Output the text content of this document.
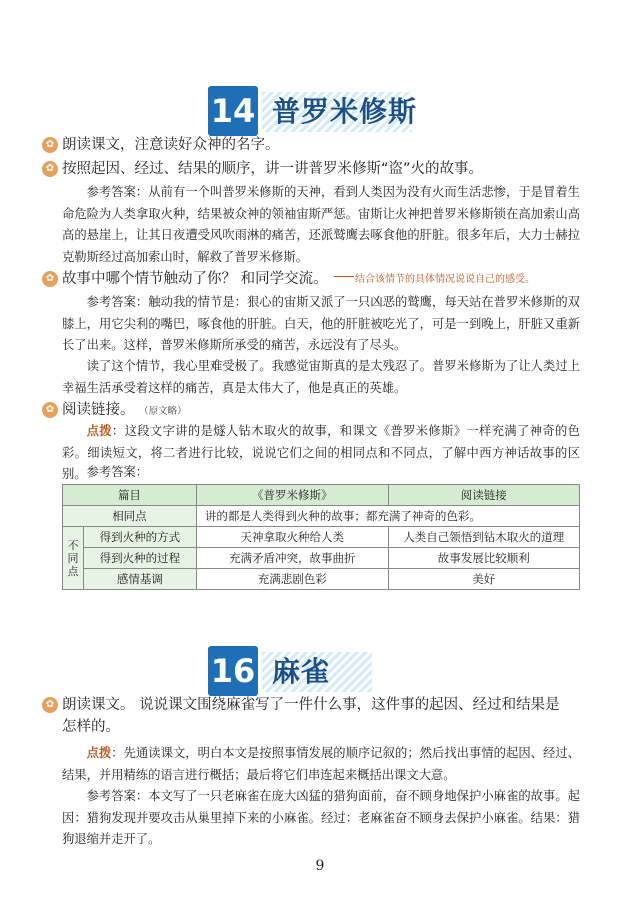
14 普罗米修斯
✿ 朗读课文，注意读好众神的名字。
✿ 按照起因、经过、结果的顺序，讲一讲普罗米修斯“盗”火的故事。
参考答案：从前有一个叫普罗米修斯的天神，看到人类因为没有火而生活悲惨，于是冒着生命危险为人类拿取火种，结果被众神的领袖宙斯严惩。宙斯让火神把普罗米修斯锁在高加索山高高的悬崖上，让其日夜遭受风吹雨淋的痛苦，还派鹫鹰去啄食他的肝脏。很多年后，大力士赫拉克勒斯经过高加索山时，解救了普罗米修斯。
✿ 故事中哪个情节触动了你？ 和同学交流。	结合该情节的具体情况说说自己的感受。
参考答案：触动我的情节是：狠心的宙斯又派了一只凶恶的鹫鹰，每天站在普罗米修斯的双膝上，用它尖利的嘴巴，啄食他的肝脏。白天，他的肝脏被吃光了，可是一到晚上，肝脏又重新长了出来。这样，普罗米修斯所承受的痛苦，永远没有了尽头。
读了这个情节，我心里难受极了。我感觉宙斯真的是太残忍了。普罗米修斯为了让人类过上幸福生活承受着这样的痛苦，真是太伟大了，他是真正的英雄。
✿ 阅读链接。 （原文略）
点拨：这段文字讲的是燧人钻木取火的故事，和课文《普罗米修斯》一样充满了神奇的色彩。细读短文，将二者进行比较，说说它们之间的相同点和不同点，了解中西方神话故事的区别。 参考答案：
篇目		《普罗米修斯》	阅读链接
相同点		讲的都是人类得到火种的故事；都充满了神奇的色彩。	
不同点	得到火种的方式	天神拿取火种给人类	人类自己领悟到钻木取火的道理
	得到火种的过程	充满矛盾冲突，故事曲折	故事发展比较顺利
	感情基调	充满悲剧色彩	美好
16 麻雀
✿ 朗读课文。 说说课文围绕麻雀写了一件什么事，这件事的起因、经过和结果是
怎样的。
点拨：先通读课文，明白本文是按照事情发展的顺序记叙的；然后找出事情的起因、经过、结果，并用精练的语言进行概括；最后将它们串连起来概括出课文大意。
参考答案：本文写了一只老麻雀在庞大凶猛的猎狗面前，奋不顾身地保护小麻雀的故事。起因：猎狗发现并要攻击从巢里掉下来的小麻雀。经过：老麻雀奋不顾身去保护小麻雀。结果：猎狗退缩并走开了。
9
